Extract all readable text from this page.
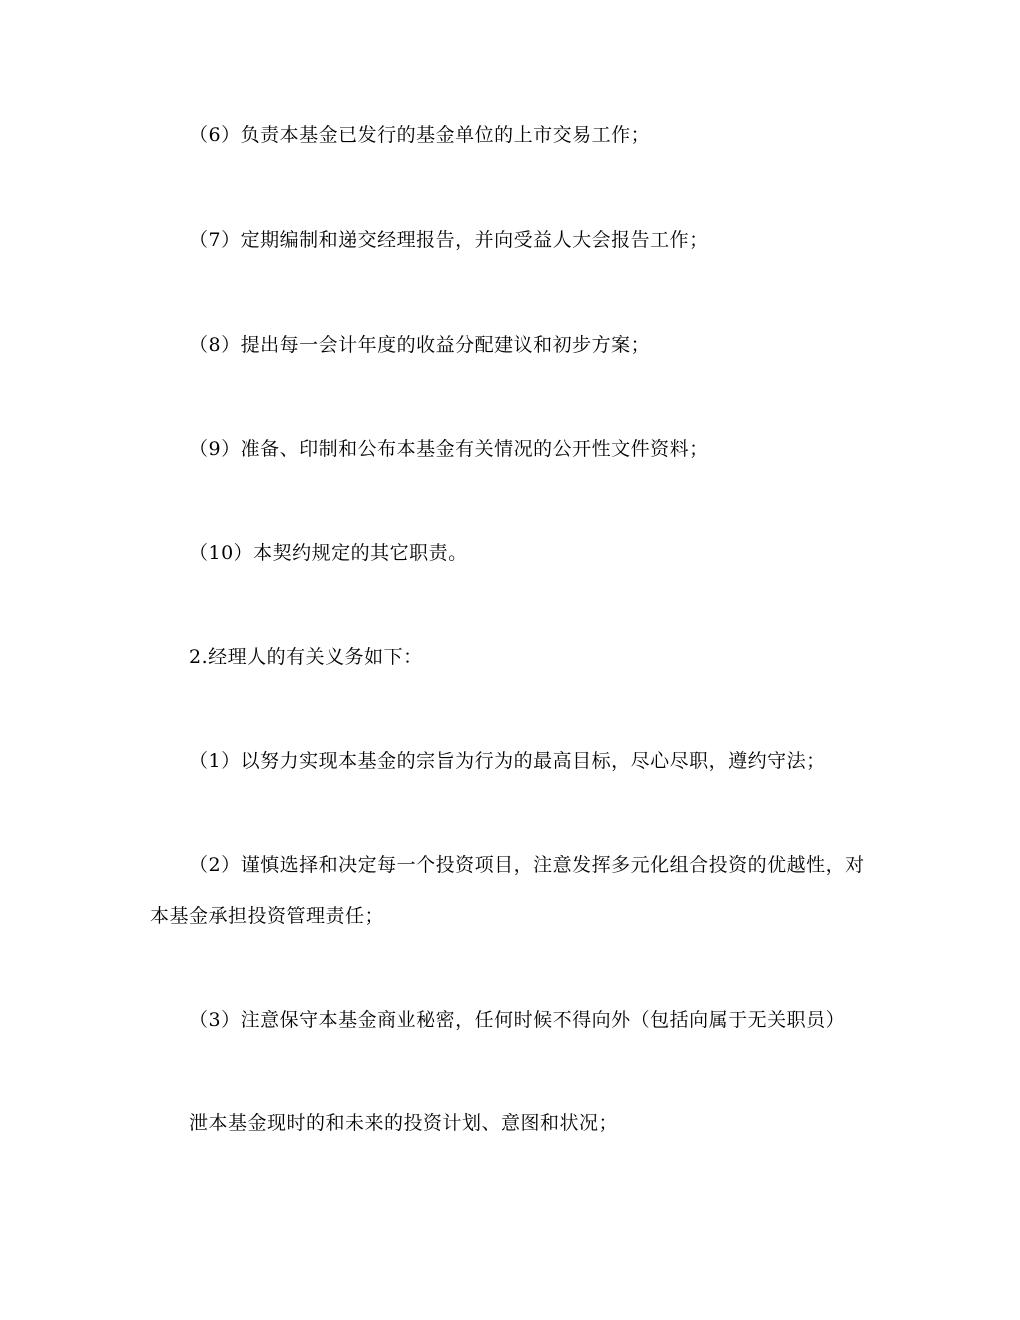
（6）负责本基金已发行的基金单位的上市交易工作；

（7）定期编制和递交经理报告，并向受益人大会报告工作；

（8）提出每一会计年度的收益分配建议和初步方案；

（9）准备、印制和公布本基金有关情况的公开性文件资料；

（10）本契约规定的其它职责。

2.经理人的有关义务如下：

（1）以努力实现本基金的宗旨为行为的最高目标，尽心尽职，遵约守法；

（2）谨慎选择和决定每一个投资项目，注意发挥多元化组合投资的优越性，对

本基金承担投资管理责任；

（3）注意保守本基金商业秘密，任何时候不得向外（包括向属于无关职员）

泄本基金现时的和未来的投资计划、意图和状况；
